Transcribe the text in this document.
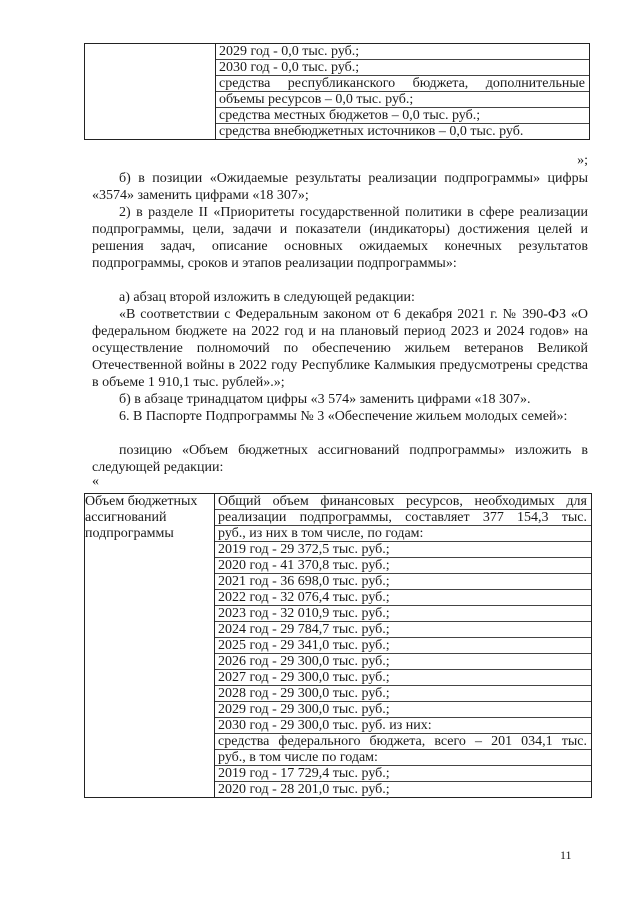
2029 год - 0,0 тыс. руб.;
2030 год - 0,0 тыс. руб.;
средства республиканского бюджета, дополнительные
объемы ресурсов – 0,0 тыс. руб.;
средства местных бюджетов – 0,0 тыс. руб.;
средства внебюджетных источников – 0,0 тыс. руб.
»;

б) в позиции «Ожидаемые результаты реализации подпрограммы» цифры «3574» заменить цифрами «18 307»;

2) в разделе II «Приоритеты государственной политики в сфере реализации подпрограммы, цели, задачи и показатели (индикаторы) достижения целей и решения задач, описание основных ожидаемых конечных результатов подпрограммы, сроков и этапов реализации подпрограммы»:

а) абзац второй изложить в следующей редакции:

«В соответствии с Федеральным законом от 6 декабря 2021 г. № 390-ФЗ «О федеральном бюджете на 2022 год и на плановый период 2023 и 2024 годов» на осуществление полномочий по обеспечению жильем ветеранов Великой Отечественной войны в 2022 году Республике Калмыкия предусмотрены средства в объеме 1 910,1 тыс. рублей».»;

б) в абзаце тринадцатом цифры «3 574» заменить цифрами «18 307».

6. В Паспорте Подпрограммы № 3 «Обеспечение жильем молодых семей»:

позицию «Объем бюджетных ассигнований подпрограммы» изложить в следующей редакции:

«
Объем бюджетных ассигнований подпрограммы	
Общий объем финансовых ресурсов, необходимых для
реализации подпрограммы, составляет 377 154,3 тыс.
руб., из них в том числе, по годам:
2019 год - 29 372,5 тыс. руб.;
2020 год - 41 370,8 тыс. руб.;
2021 год - 36 698,0 тыс. руб.;
2022 год - 32 076,4 тыс. руб.;
2023 год - 32 010,9 тыс. руб.;
2024 год - 29 784,7 тыс. руб.;
2025 год - 29 341,0 тыс. руб.;
2026 год - 29 300,0 тыс. руб.;
2027 год - 29 300,0 тыс. руб.;
2028 год - 29 300,0 тыс. руб.;
2029 год - 29 300,0 тыс. руб.;
2030 год - 29 300,0 тыс. руб. из них:
средства федерального бюджета, всего – 201 034,1 тыс.
руб., в том числе по годам:
2019 год - 17 729,4 тыс. руб.;
2020 год - 28 201,0 тыс. руб.;
11
